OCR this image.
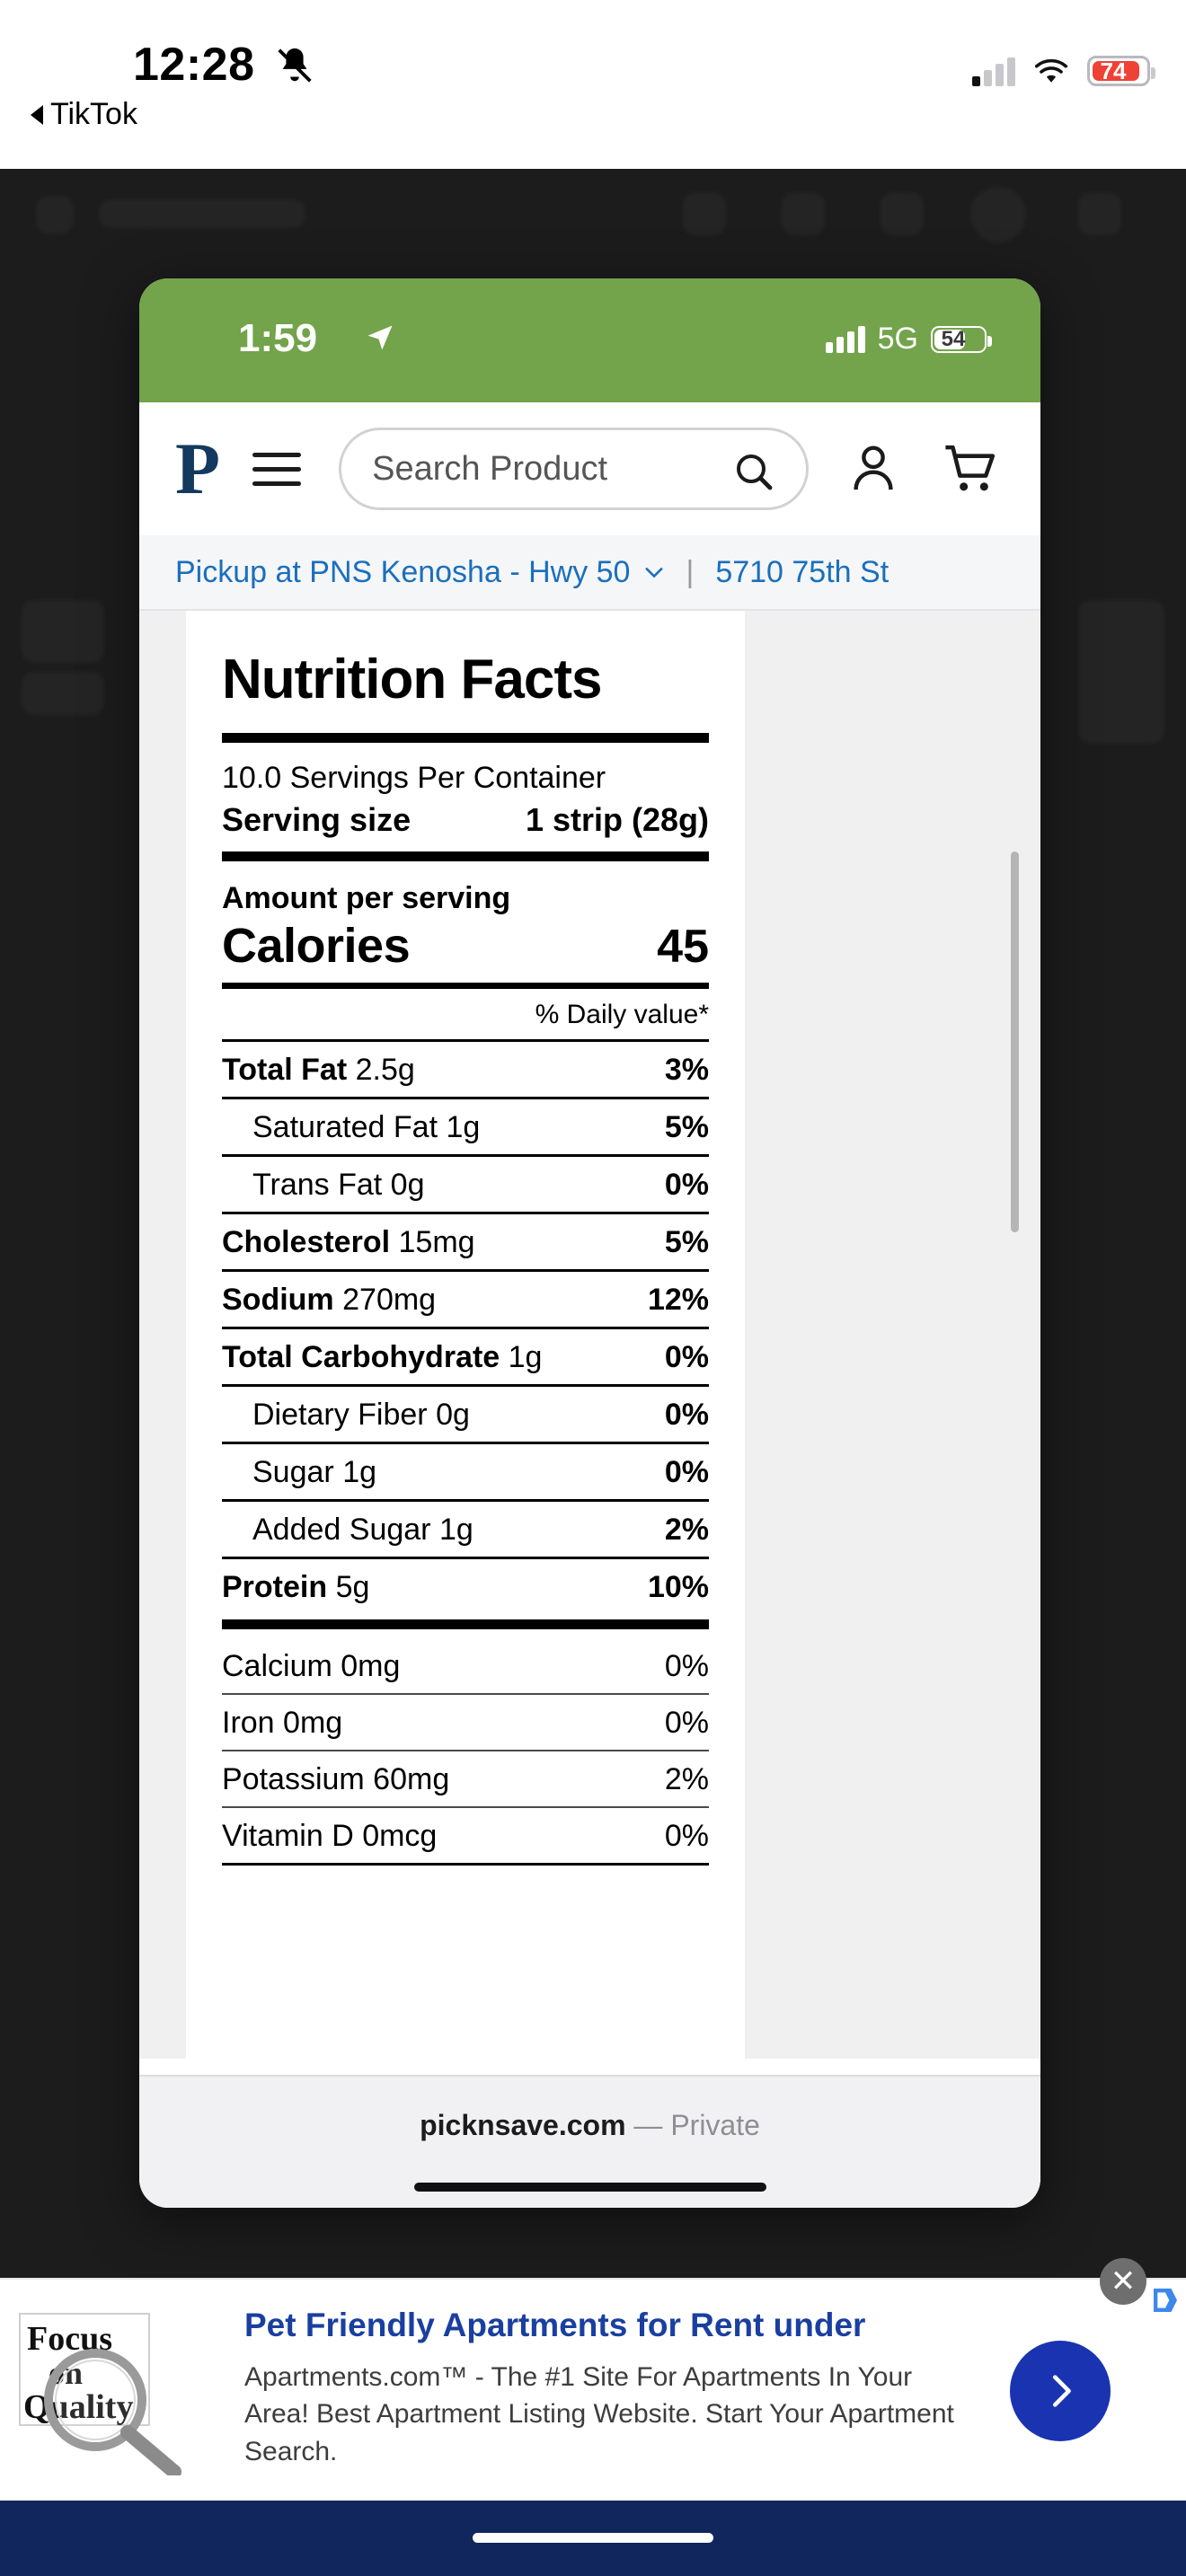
12:28
TikTok
74
1:59	5G 54
P	Search Product
Pickup at PNS Kenosha - Hwy 50 | 5710 75th St
Nutrition Facts
10.0 Servings Per Container
Serving size	1 strip (28g)
Amount per serving
Calories	45
% Daily value*
Total Fat 2.5g	3%
Saturated Fat 1g	5%
Trans Fat 0g	0%
Cholesterol 15mg	5%
Sodium 270mg	12%
Total Carbohydrate 1g	0%
Dietary Fiber 0g	0%
Sugar 1g	0%
Added Sugar 1g	2%
Protein 5g	10%
Calcium 0mg	0%
Iron 0mg	0%
Potassium 60mg	2%
Vitamin D 0mcg	0%
picknsave.com — Private
Focus
on
Quality
Pet Friendly Apartments for Rent under
Apartments.com™ - The #1 Site For Apartments In Your Area! Best Apartment Listing Website. Start Your Apartment Search.
✕
